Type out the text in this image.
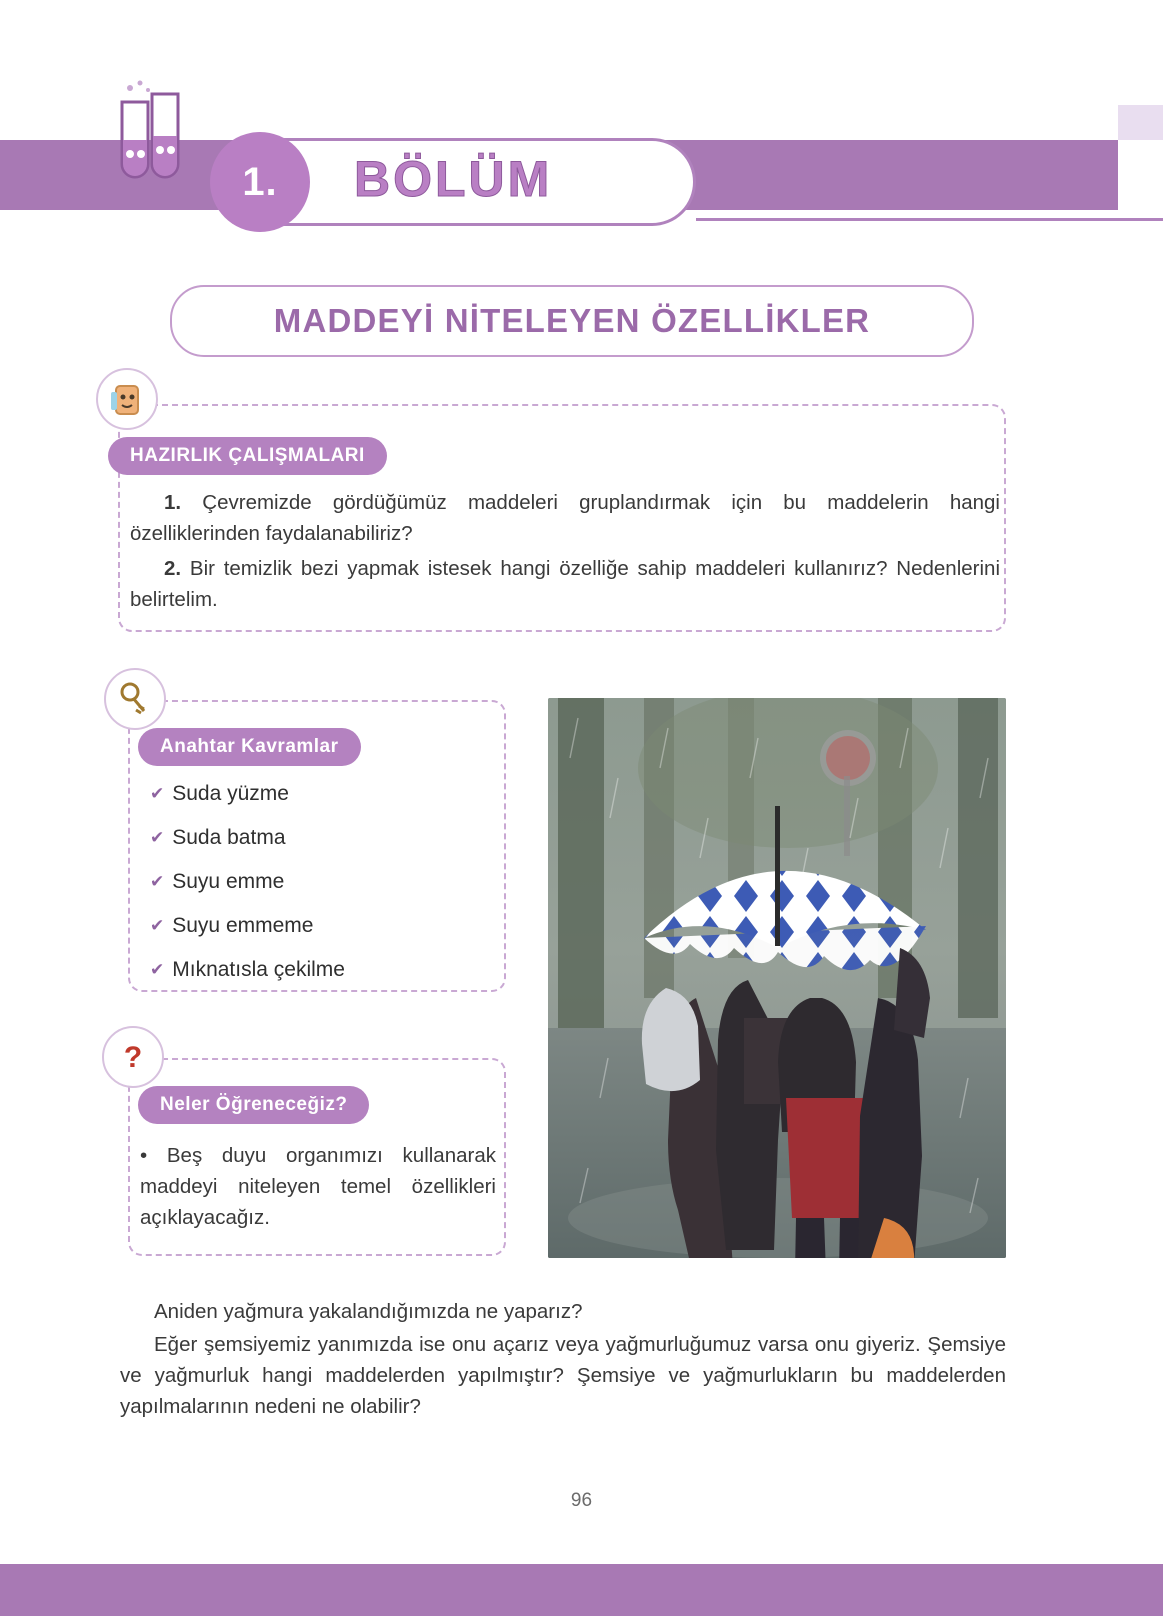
1. BÖLÜM
MADDEYİ NİTELEYEN ÖZELLİKLER
HAZIRLIK ÇALIŞMALARI

1. Çevremizde gördüğümüz maddeleri gruplandırmak için bu maddelerin hangi özelliklerinden faydalanabiliriz?

2. Bir temizlik bezi yapmak istesek hangi özelliğe sahip maddeleri kullanırız? Nedenlerini belirtelim.

Anahtar Kavramlar
✔ Suda yüzme
✔ Suda batma
✔ Suyu emme
✔ Suyu emmeme
✔ Mıknatısla çekilme
?
Neler Öğreneceğiz?
• Beş duyu organımızı kullanarak maddeyi niteleyen temel özellikleri açıklayacağız.

Aniden yağmura yakalandığımızda ne yaparız?

Eğer şemsiyemiz yanımızda ise onu açarız veya yağmurluğumuz varsa onu giyeriz. Şemsiye ve yağmurluk hangi maddelerden yapılmıştır? Şemsiye ve yağmurlukların bu maddelerden yapılmalarının nedeni ne olabilir?

96
